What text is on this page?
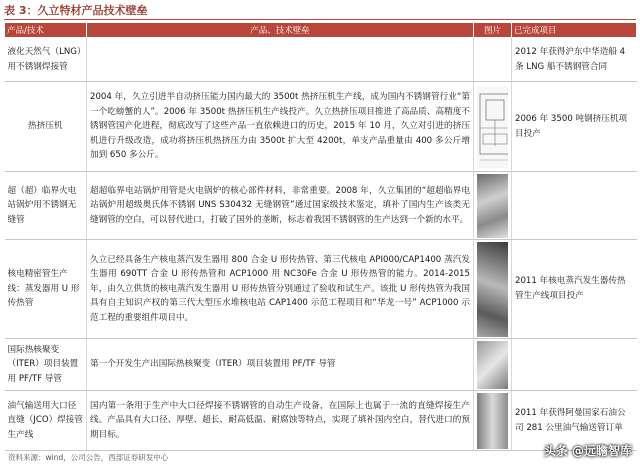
表 3：久立特材产品技术壁垒
产品/技术	产品、技术壁垒	图片	已完成项目
液化天然气（LNG）用不锈钢焊接管			2012 年获得沪东中华造船 4 条 LNG 船不锈钢管合同
热挤压机	2004 年，久立引进半自动挤压能力国内最大的 3500t 热挤压机生产线，成为国内不锈钢管行业“第一个吃螃蟹的人”。2006 年 3500t 热挤压机生产线投产。久立热挤压项目推进了高品质、高精度不锈钢管国产化进程，彻底改写了这些产品一直依赖进口的历史，2015 年 10 月，久立对引进的挤压机进行升级改造，成功将挤压机热挤压力由 3500t 扩大至 4200t，单支产品重量由 400 多公斤增加到 650 多公斤。		2006 年 3500 吨钢挤压机项目投产
超（超）临界火电站锅炉用不锈钢无缝管	超超临界电站锅炉用管是火电锅炉的核心部件材料，非常重要。2008 年，久立集团的“超超临界电站锅炉用超级奥氏体不锈钢 UNS S30432 无缝钢管”通过国家级技术鉴定，填补了国内生产该类无缝钢管的空白，可以替代进口，打破了国外的垄断，标志着我国不锈钢管的生产达到一个新的水平。	

核电精密管生产线：蒸发器用 U 形传热管	久立已经具备生产核电蒸汽发生器用 800 合金 U 形传热管、第三代核电 API000/CAP1400 蒸汽发生器用 690TT 合金 U 形传热管和 ACP1000 用 NC30Fe 合金 U 形传热管的能力。2014-2015 年，由久立供货的核电蒸汽发生器用 U 形传热管分别通过了验收和试生产。该批 U 形传热管为我国具有自主知识产权的第三代大型压水堆核电站 CAP1400 示范工程项目和“华龙一号” ACP1000 示范工程的重要组件项目中。		2011 年核电蒸汽发生器传热管生产线项目投产
国际热核聚变（ITER）项目装置用 PF/TF 导管	第一个开发生产出国际热核聚变（ITER）项目装置用 PF/TF 导管	

油气输送用大口径直缝（JCO）焊接管生产线	国内第一条用于生产中大口径焊接不锈钢管的自动生产设备，在国际上也属于一流的直缝焊接生产线。产品具有大口径、厚壁、超长、耐高低温、耐腐蚀等特点，实现了填补国内空白，替代进口的预期目标。		2011 年获得阿曼国家石油公司 281 公里油气输送管订单
资料来源：wind，公司公告，西部证券研发中心	头条 @远瞻智库
